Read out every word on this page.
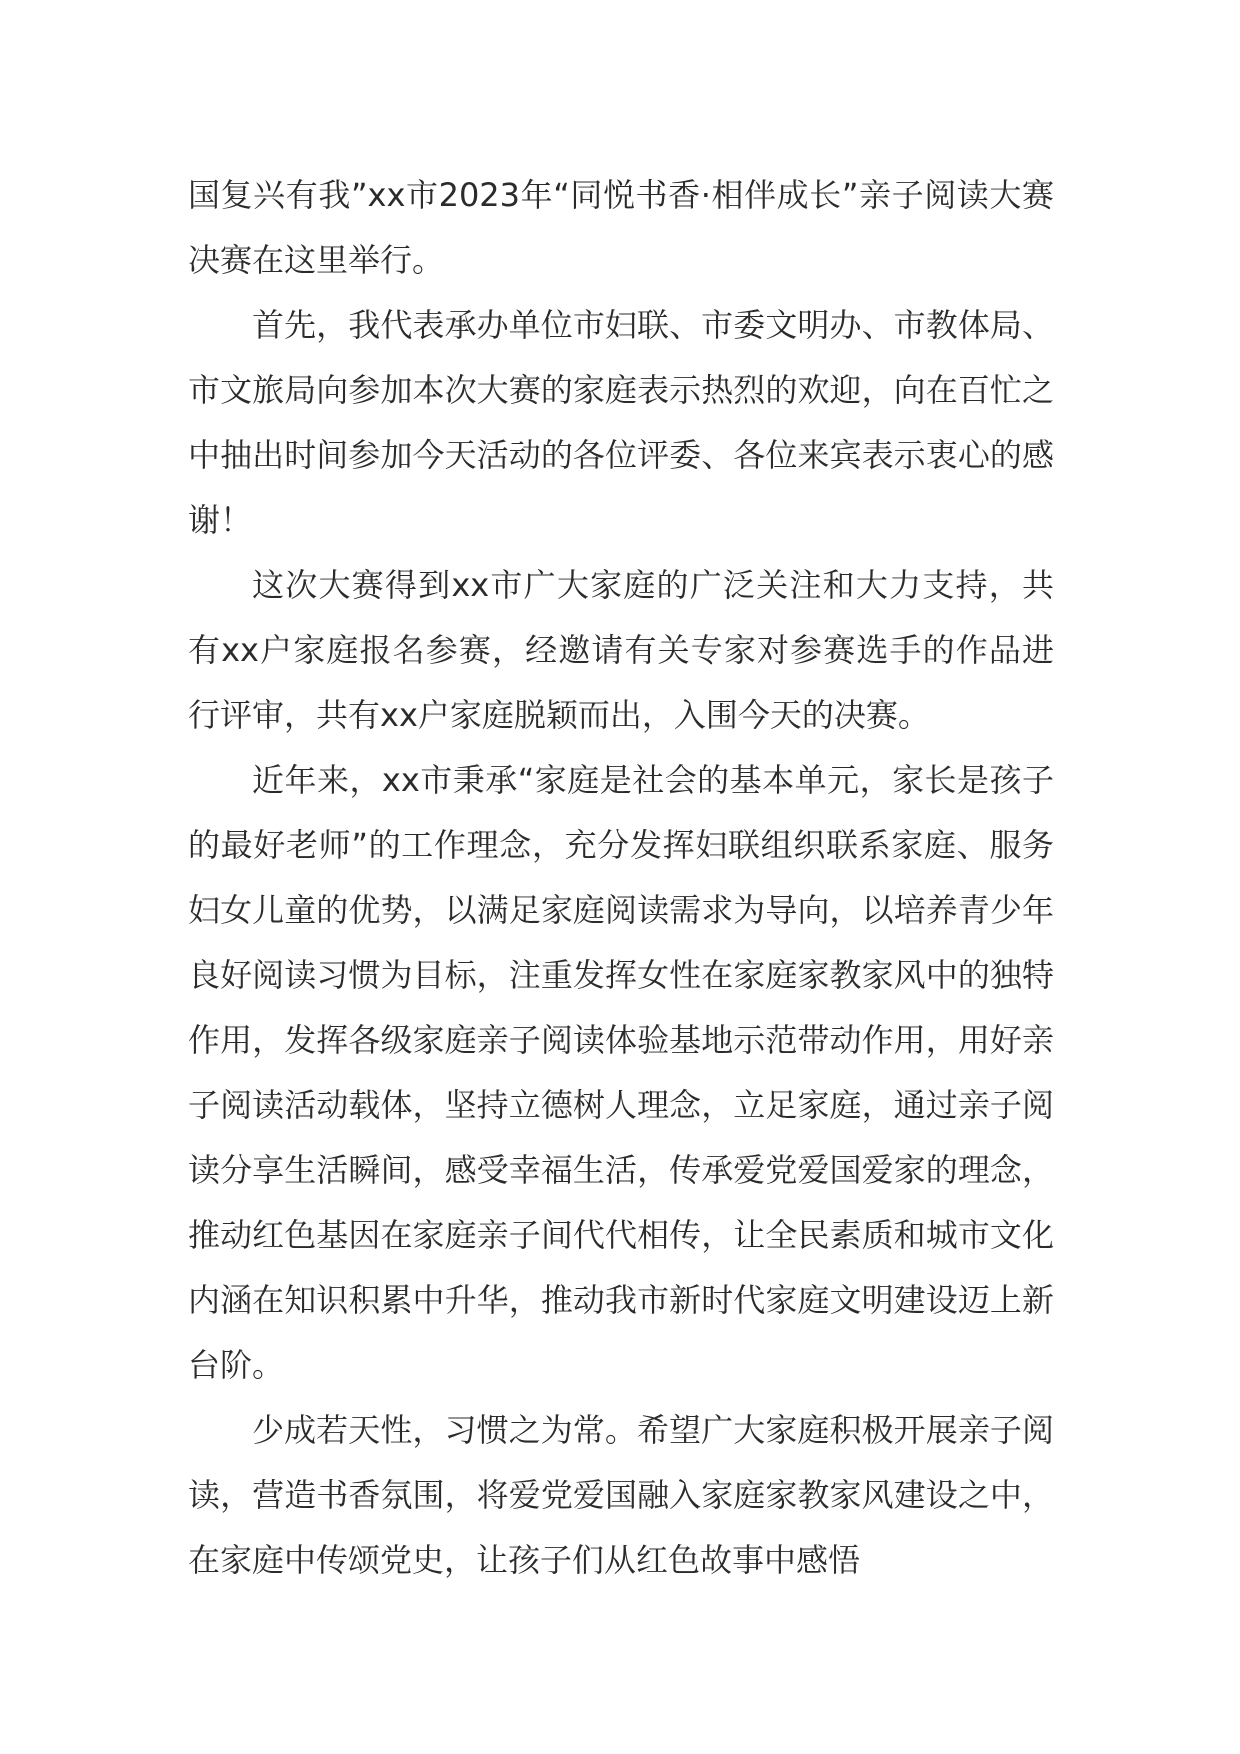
国复兴有我”xx市2023年“同悦书香·相伴成长”亲子阅读大赛决赛在这里举行。

首先，我代表承办单位市妇联、市委文明办、市教体局、市文旅局向参加本次大赛的家庭表示热烈的欢迎，向在百忙之中抽出时间参加今天活动的各位评委、各位来宾表示衷心的感谢！

这次大赛得到xx市广大家庭的广泛关注和大力支持，共有xx户家庭报名参赛，经邀请有关专家对参赛选手的作品进行评审，共有xx户家庭脱颖而出，入围今天的决赛。

近年来，xx市秉承“家庭是社会的基本单元，家长是孩子的最好老师”的工作理念，充分发挥妇联组织联系家庭、服务妇女儿童的优势，以满足家庭阅读需求为导向，以培养青少年良好阅读习惯为目标，注重发挥女性在家庭家教家风中的独特作用，发挥各级家庭亲子阅读体验基地示范带动作用，用好亲子阅读活动载体，坚持立德树人理念，立足家庭，通过亲子阅读分享生活瞬间，感受幸福生活，传承爱党爱国爱家的理念，推动红色基因在家庭亲子间代代相传，让全民素质和城市文化内涵在知识积累中升华，推动我市新时代家庭文明建设迈上新台阶。

少成若天性，习惯之为常。希望广大家庭积极开展亲子阅读，营造书香氛围，将爱党爱国融入家庭家教家风建设之中，在家庭中传颂党史，让孩子们从红色故事中感悟
